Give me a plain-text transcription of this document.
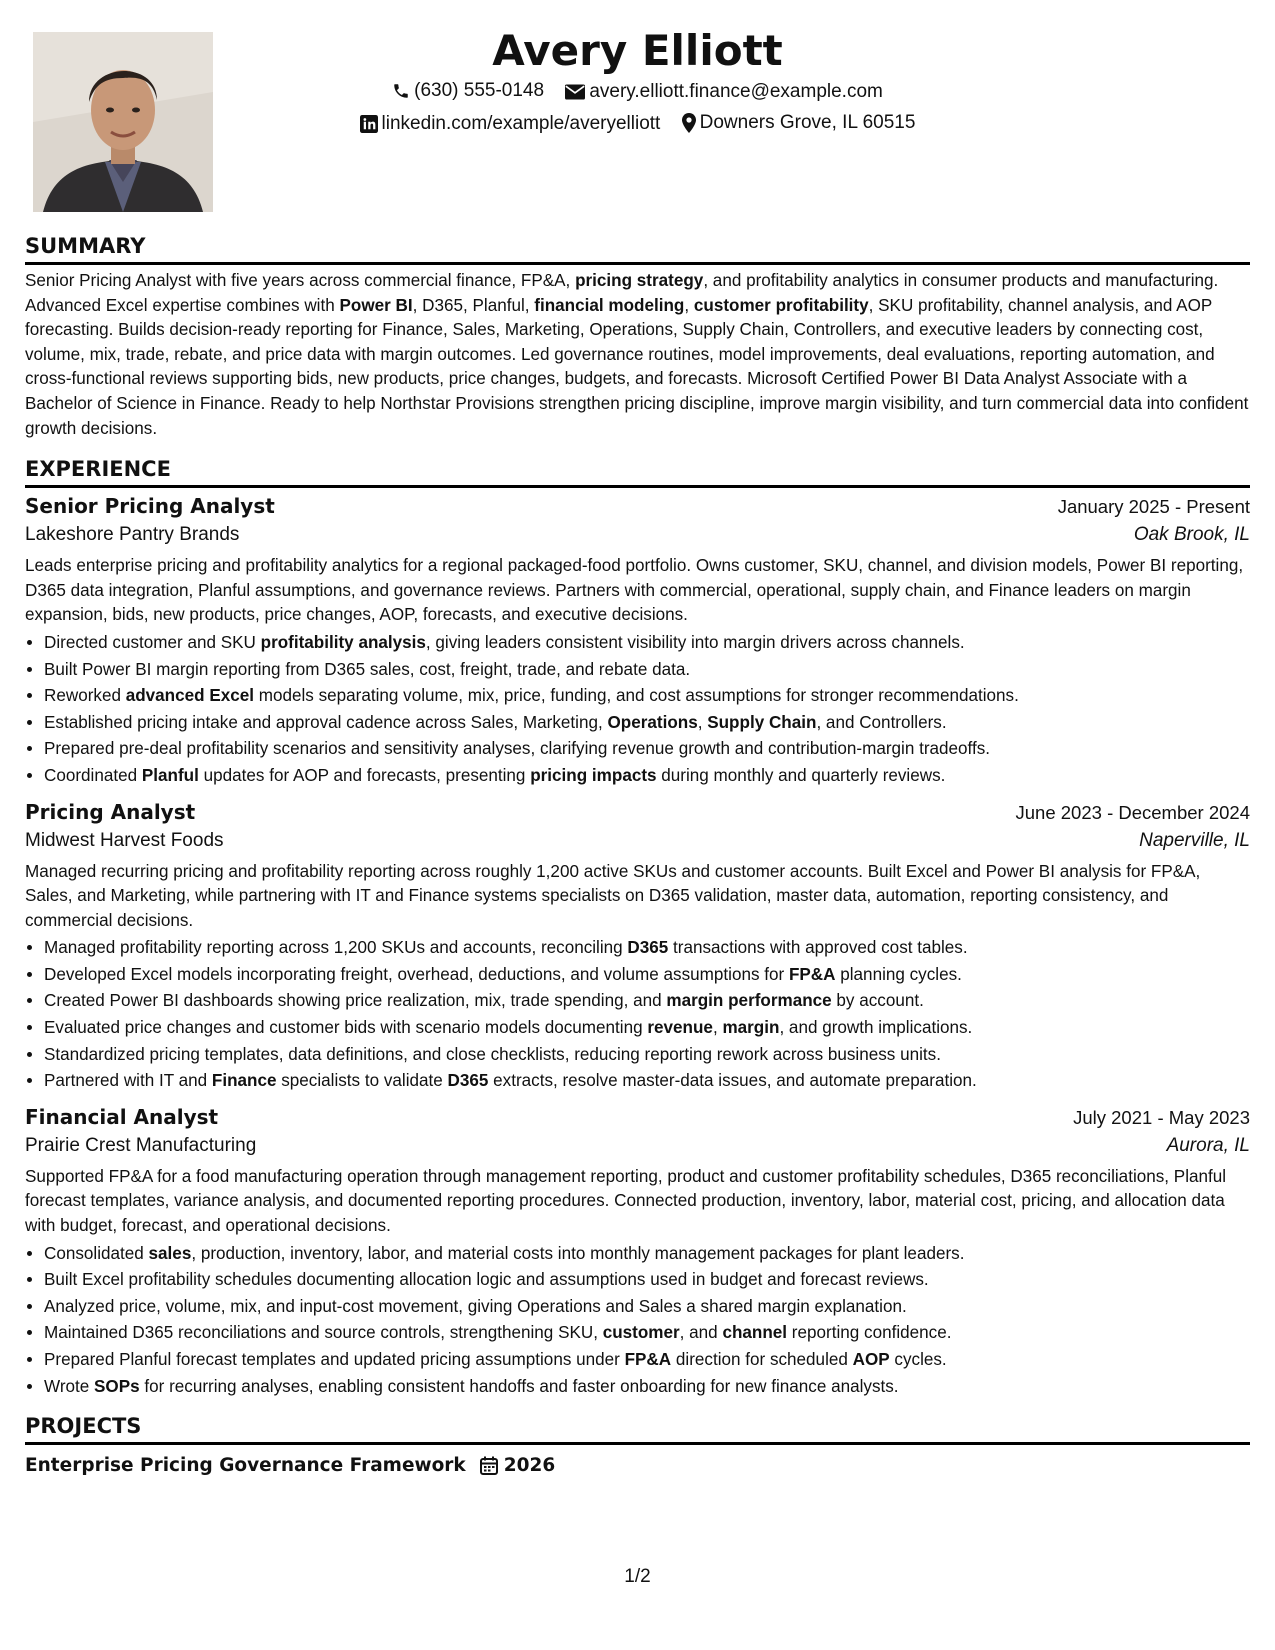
Avery Elliott
(630) 555-0148
avery.elliott.finance@example.com
linkedin.com/example/averyelliott
Downers Grove, IL 60515
SUMMARY

Senior Pricing Analyst with five years across commercial finance, FP&A, pricing strategy, and profitability analytics in consumer products and manufacturing. Advanced Excel expertise combines with Power BI, D365, Planful, financial modeling, customer profitability, SKU profitability, channel analysis, and AOP forecasting. Builds decision-ready reporting for Finance, Sales, Marketing, Operations, Supply Chain, Controllers, and executive leaders by connecting cost, volume, mix, trade, rebate, and price data with margin outcomes. Led governance routines, model improvements, deal evaluations, reporting automation, and cross-functional reviews supporting bids, new products, price changes, budgets, and forecasts. Microsoft Certified Power BI Data Analyst Associate with a Bachelor of Science in Finance. Ready to help Northstar Provisions strengthen pricing discipline, improve margin visibility, and turn commercial data into confident growth decisions.

EXPERIENCE
Senior Pricing Analyst	January 2025 - Present
Lakeshore Pantry Brands	Oak Brook, IL

Leads enterprise pricing and profitability analytics for a regional packaged-food portfolio. Owns customer, SKU, channel, and division models, Power BI reporting, D365 data integration, Planful assumptions, and governance reviews. Partners with commercial, operational, supply chain, and Finance leaders on margin expansion, bids, new products, price changes, AOP, forecasts, and executive decisions.

• Directed customer and SKU profitability analysis, giving leaders consistent visibility into margin drivers across channels.
• Built Power BI margin reporting from D365 sales, cost, freight, trade, and rebate data.
• Reworked advanced Excel models separating volume, mix, price, funding, and cost assumptions for stronger recommendations.
• Established pricing intake and approval cadence across Sales, Marketing, Operations, Supply Chain, and Controllers.
• Prepared pre-deal profitability scenarios and sensitivity analyses, clarifying revenue growth and contribution-margin tradeoffs.
• Coordinated Planful updates for AOP and forecasts, presenting pricing impacts during monthly and quarterly reviews.
Pricing Analyst	June 2023 - December 2024
Midwest Harvest Foods	Naperville, IL

Managed recurring pricing and profitability reporting across roughly 1,200 active SKUs and customer accounts. Built Excel and Power BI analysis for FP&A, Sales, and Marketing, while partnering with IT and Finance systems specialists on D365 validation, master data, automation, reporting consistency, and commercial decisions.

• Managed profitability reporting across 1,200 SKUs and accounts, reconciling D365 transactions with approved cost tables.
• Developed Excel models incorporating freight, overhead, deductions, and volume assumptions for FP&A planning cycles.
• Created Power BI dashboards showing price realization, mix, trade spending, and margin performance by account.
• Evaluated price changes and customer bids with scenario models documenting revenue, margin, and growth implications.
• Standardized pricing templates, data definitions, and close checklists, reducing reporting rework across business units.
• Partnered with IT and Finance specialists to validate D365 extracts, resolve master-data issues, and automate preparation.
Financial Analyst	July 2021 - May 2023
Prairie Crest Manufacturing	Aurora, IL

Supported FP&A for a food manufacturing operation through management reporting, product and customer profitability schedules, D365 reconciliations, Planful forecast templates, variance analysis, and documented reporting procedures. Connected production, inventory, labor, material cost, pricing, and allocation data with budget, forecast, and operational decisions.

• Consolidated sales, production, inventory, labor, and material costs into monthly management packages for plant leaders.
• Built Excel profitability schedules documenting allocation logic and assumptions used in budget and forecast reviews.
• Analyzed price, volume, mix, and input-cost movement, giving Operations and Sales a shared margin explanation.
• Maintained D365 reconciliations and source controls, strengthening SKU, customer, and channel reporting confidence.
• Prepared Planful forecast templates and updated pricing assumptions under FP&A direction for scheduled AOP cycles.
• Wrote SOPs for recurring analyses, enabling consistent handoffs and faster onboarding for new finance analysts.
PROJECTS
Enterprise Pricing Governance Framework 2026
1/2
